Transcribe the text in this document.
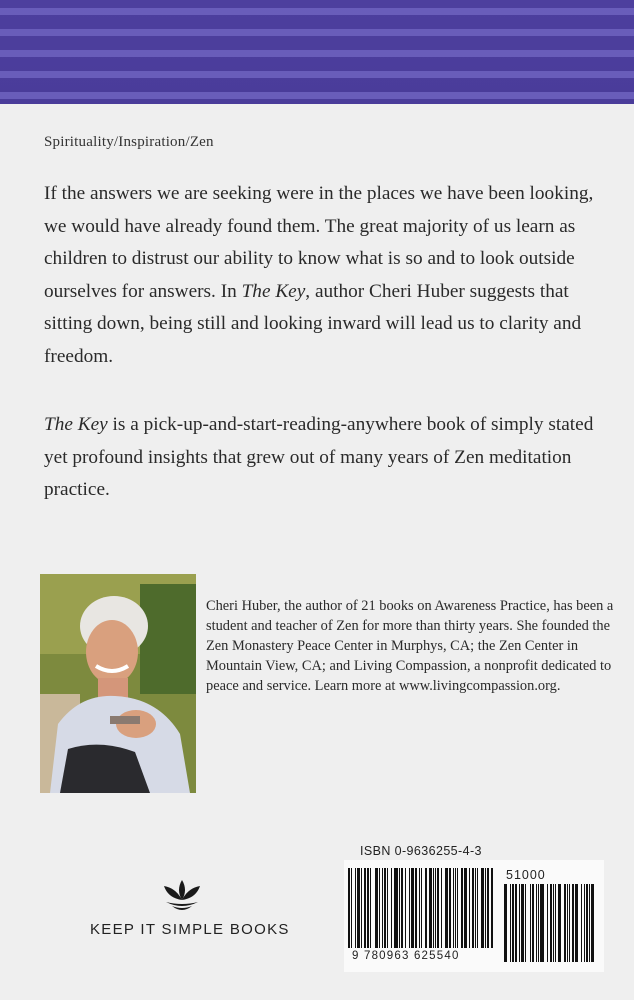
Spirituality/Inspiration/Zen
If the answers we are seeking were in the places we have been looking, we would have already found them. The great majority of us learn as children to distrust our ability to know what is so and to look outside ourselves for answers. In The Key, author Cheri Huber suggests that sitting down, being still and looking inward will lead us to clarity and freedom.
The Key is a pick-up-and-start-reading-anywhere book of simply stated yet profound insights that grew out of many years of Zen meditation practice.
Cheri Huber, the author of 21 books on Awareness Practice, has been a student and teacher of Zen for more than thirty years. She founded the Zen Monastery Peace Center in Murphys, CA; the Zen Center in Mountain View, CA; and Living Compassion, a nonprofit dedicated to peace and service. Learn more at www.livingcompassion.org.
ISBN 0-9636255-4-3
51000
9 780963 625540
KEEP IT SIMPLE BOOKS
